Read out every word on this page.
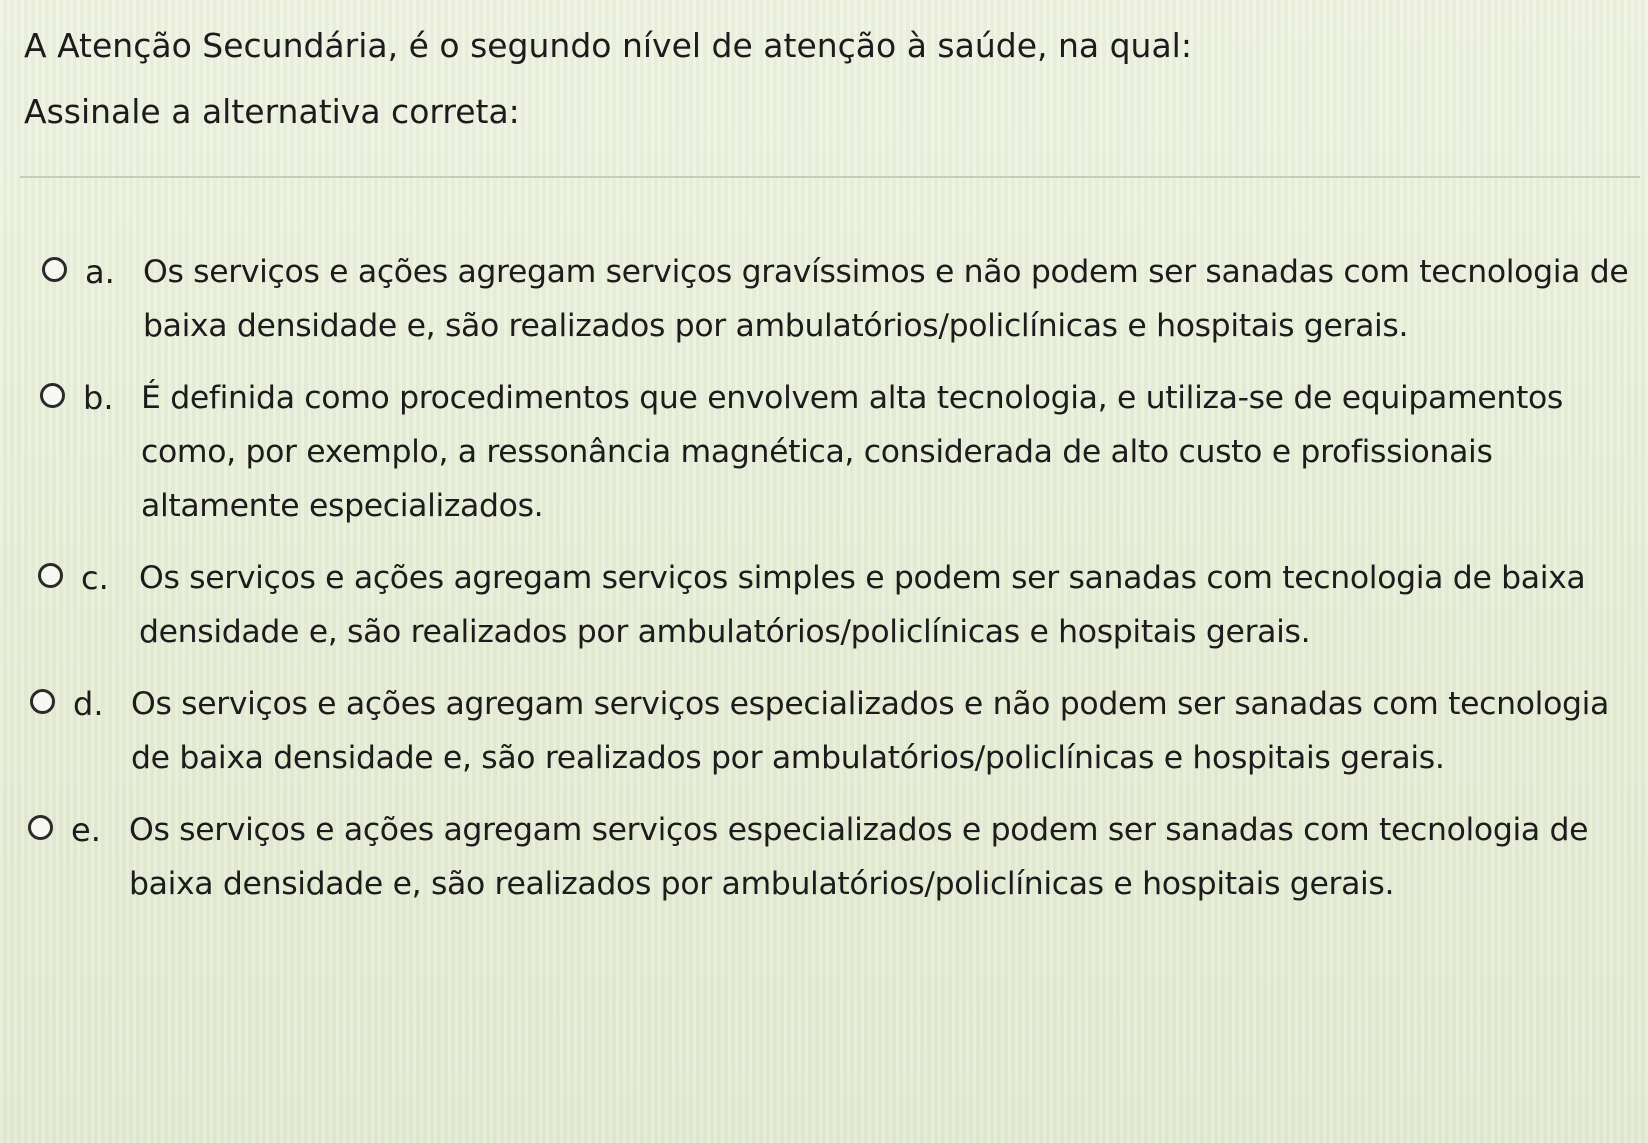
A Atenção Secundária, é o segundo nível de atenção à saúde, na qual:

Assinale a alternativa correta:

a. Os serviços e ações agregam serviços gravíssimos e não podem ser sanadas com tecnologia de baixa densidade e, são realizados por ambulatórios/policlínicas e hospitais gerais.
b. É definida como procedimentos que envolvem alta tecnologia, e utiliza-se de equipamentos como, por exemplo, a ressonância magnética, considerada de alto custo e profissionais altamente especializados.
c. Os serviços e ações agregam serviços simples e podem ser sanadas com tecnologia de baixa densidade e, são realizados por ambulatórios/policlínicas e hospitais gerais.
d. Os serviços e ações agregam serviços especializados e não podem ser sanadas com tecnologia de baixa densidade e, são realizados por ambulatórios/policlínicas e hospitais gerais.
e. Os serviços e ações agregam serviços especializados e podem ser sanadas com tecnologia de baixa densidade e, são realizados por ambulatórios/policlínicas e hospitais gerais.
